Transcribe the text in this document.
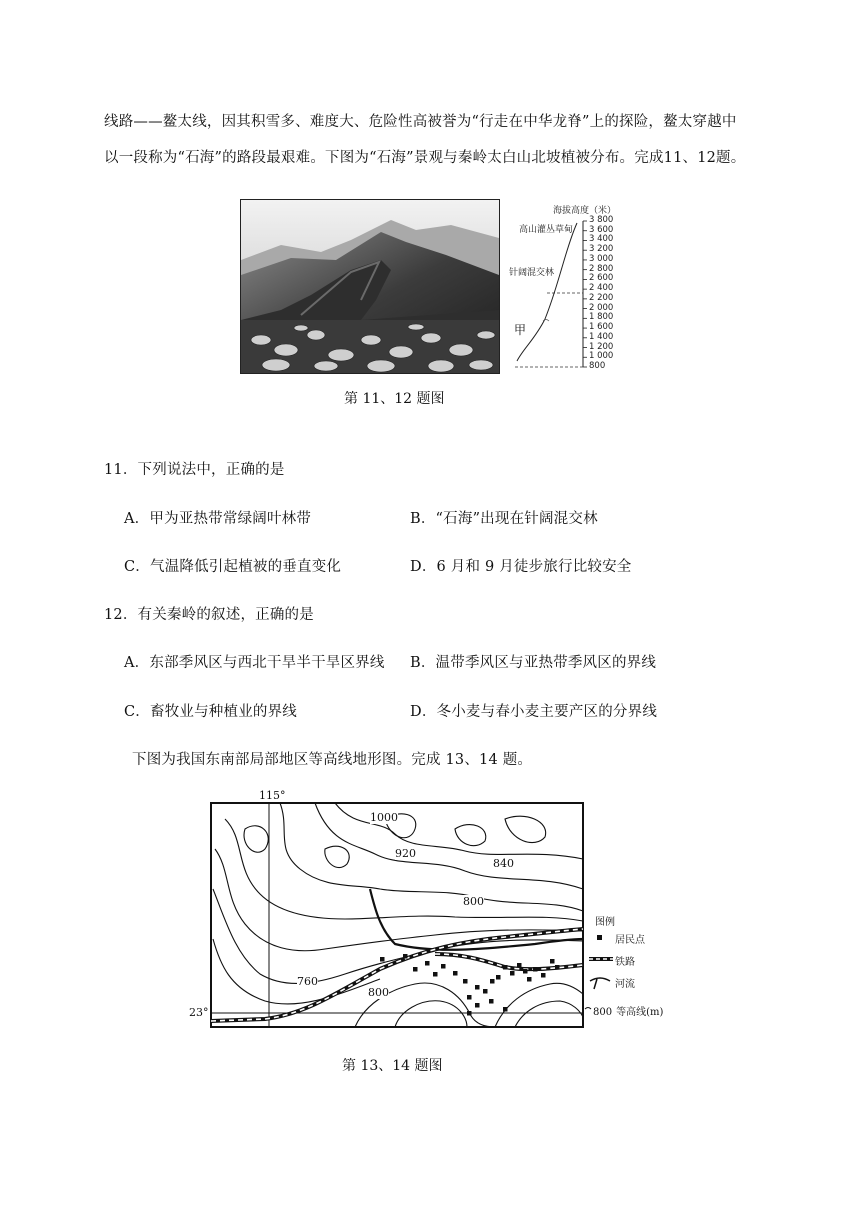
线路——鳌太线，因其积雪多、难度大、危险性高被誉为“行走在中华龙脊”上的探险，鳌太穿越中
以一段称为“石海”的路段最艰难。下图为“石海”景观与秦岭太白山北坡植被分布。完成11、12题。
海拔高度（米）
高山灌丛草甸
针阔混交林
甲
3 800
3 600
3 400
3 200
3 000
2 800
2 600
2 400
2 200
2 000
1 800
1 600
1 400
1 200
1 000
800
第 11、12 题图
11．下列说法中，正确的是
A．甲为亚热带常绿阔叶林带	B．“石海”出现在针阔混交林
C．气温降低引起植被的垂直变化	D．6 月和 9 月徒步旅行比较安全
12．有关秦岭的叙述，正确的是
A．东部季风区与西北干旱半干旱区界线 B．温带季风区与亚热带季风区的界线
C．畜牧业与种植业的界线	D．冬小麦与春小麦主要产区的分界线
下图为我国东南部局部地区等高线地形图。完成 13、14 题。
115°
23°
1000
920
840
800
760
800
图例
居民点
铁路
河流
800 等高线(m)
第 13、14 题图
